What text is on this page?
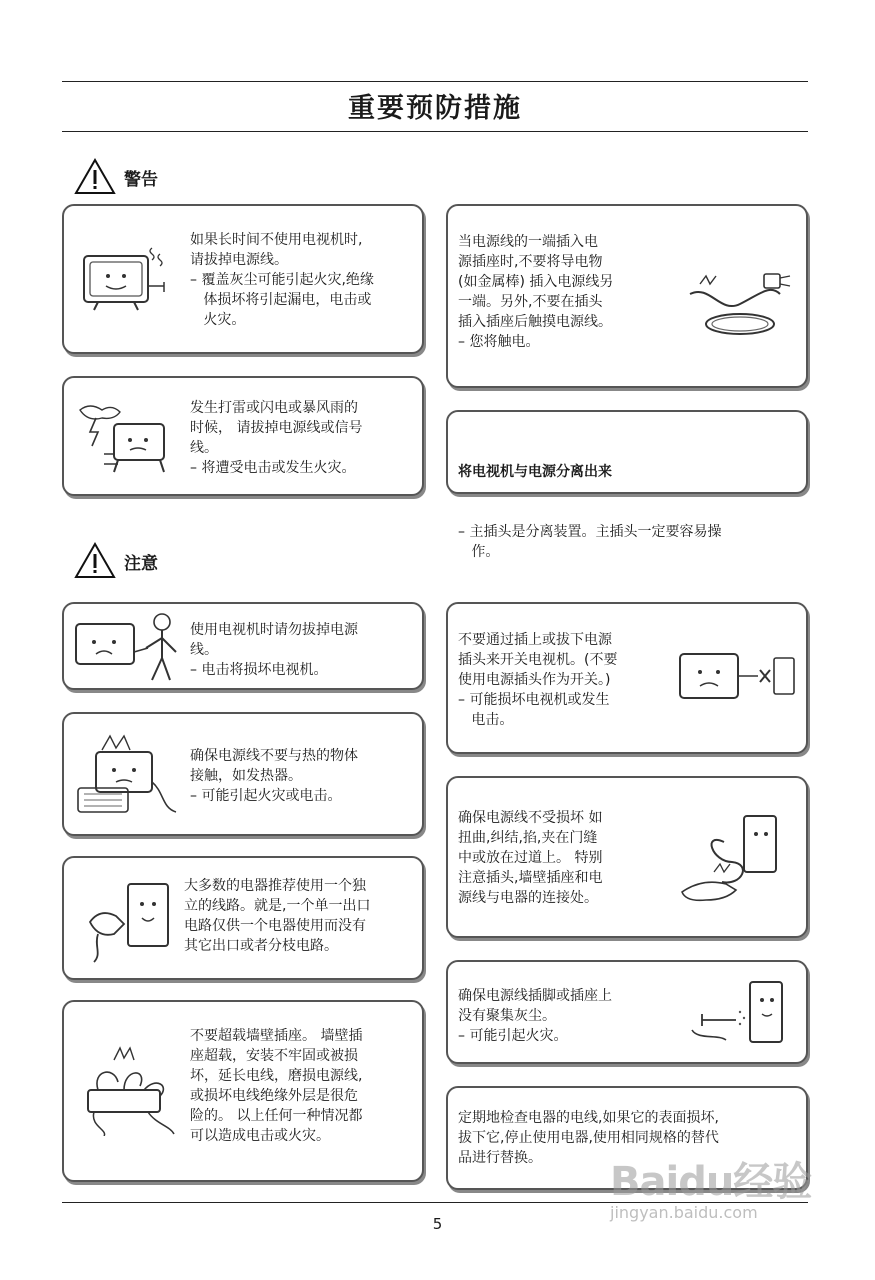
重要预防措施
警告
如果长时间不使用电视机时,
请拔掉电源线。
– 覆盖灰尘可能引起火灾,绝缘
体损坏将引起漏电，电击或
火灾。
发生打雷或闪电或暴风雨的
时候， 请拔掉电源线或信号
线。
– 将遭受电击或发生火灾。
当电源线的一端插入电
源插座时,不要将导电物
(如金属棒) 插入电源线另
一端。另外,不要在插头
插入插座后触摸电源线。
– 您将触电。

将电视机与电源分离出来

– 主插头是分离装置。主插头一定要容易操
作。

注意
使用电视机时请勿拔掉电源
线。
– 电击将损坏电视机。
确保电源线不要与热的物体
接触，如发热器。
– 可能引起火灾或电击。
大多数的电器推荐使用一个独
立的线路。就是,一个单一出口
电路仅供一个电器使用而没有
其它出口或者分枝电路。
不要超载墙壁插座。 墙壁插
座超载，安装不牢固或被损
坏，延长电线，磨损电源线,
或损坏电线绝缘外层是很危
险的。 以上任何一种情况都
可以造成电击或火灾。
不要通过插上或拔下电源
插头来开关电视机。(不要
使用电源插头作为开关。)
– 可能损坏电视机或发生
电击。
确保电源线不受损坏 如
扭曲,纠结,掐,夹在门缝
中或放在过道上。 特别
注意插头,墙壁插座和电
源线与电器的连接处。
确保电源线插脚或插座上
没有聚集灰尘。
– 可能引起火灾。
定期地检查电器的电线,如果它的表面损坏,
拔下它,停止使用电器,使用相同规格的替代
品进行替换。
5
Baidu经验
jingyan.baidu.com
